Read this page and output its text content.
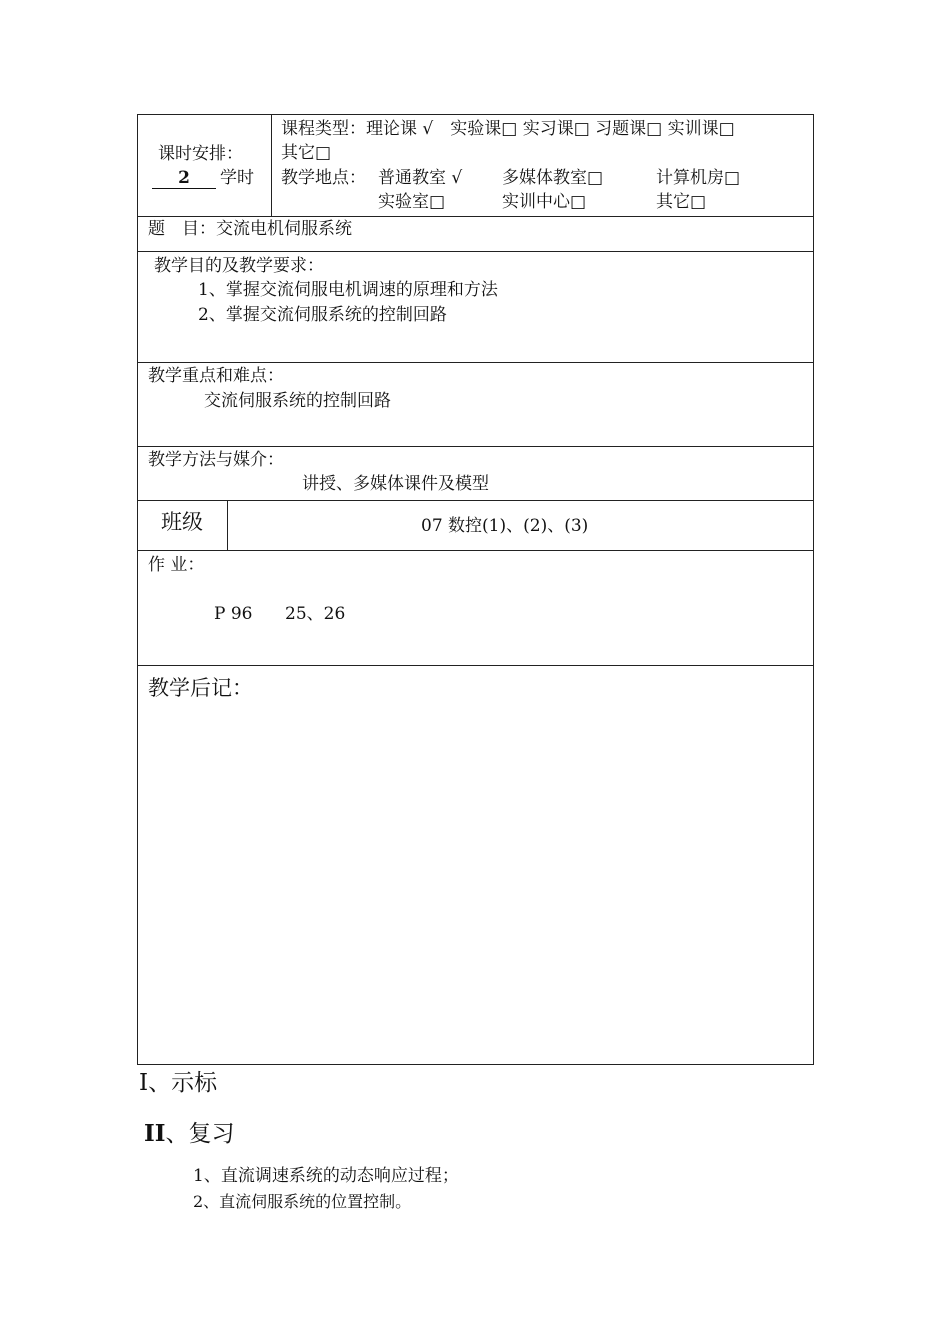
课时安排：
2 学时
课程类型：理论课 √　实验课□ 实习课□ 习题课□ 实训课□
其它□
教学地点： 普通教室 √ 多媒体教室□	计算机房□
实验室□	实训中心□	其它□
题　目：交流电机伺服系统
教学目的及教学要求：
1、掌握交流伺服电机调速的原理和方法
2、掌握交流伺服系统的控制回路
教学重点和难点：
交流伺服系统的控制回路
教学方法与媒介：
讲授、多媒体课件及模型
班级	07 数控(1)、(2)、(3)
作 业：
P 96 25、26
教学后记：
Ⅰ、示标
II、复习
1、直流调速系统的动态响应过程；
2、直流伺服系统的位置控制。
